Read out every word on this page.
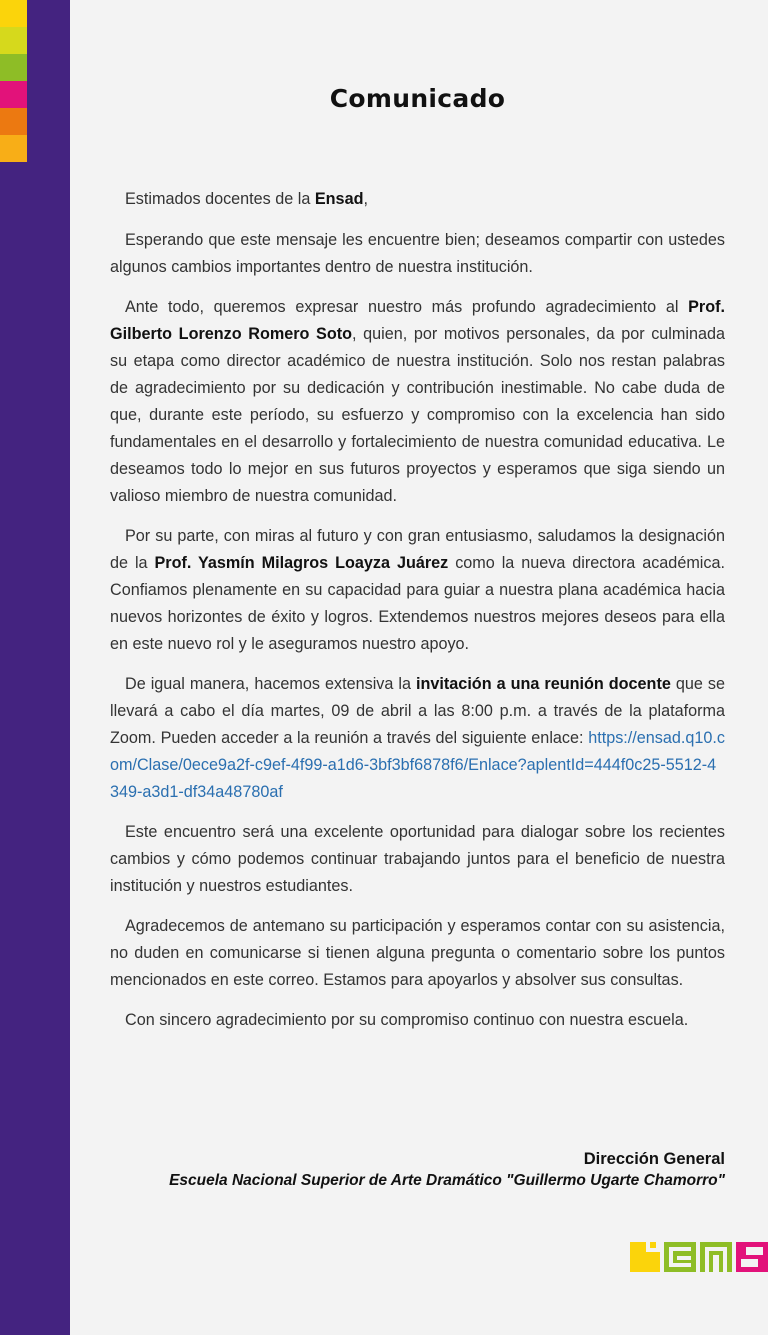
Comunicado

Estimados docentes de la Ensad,

Esperando que este mensaje les encuentre bien; deseamos compartir con ustedes algunos cambios importantes dentro de nuestra institución.

Ante todo, queremos expresar nuestro más profundo agradecimiento al Prof. Gilberto Lorenzo Romero Soto, quien, por motivos personales, da por culminada su etapa como director académico de nuestra institución. Solo nos restan palabras de agradecimiento por su dedicación y contribución inestimable. No cabe duda de que, durante este período, su esfuerzo y compromiso con la excelencia han sido fundamentales en el desarrollo y fortalecimiento de nuestra comunidad educativa. Le deseamos todo lo mejor en sus futuros proyectos y esperamos que siga siendo un valioso miembro de nuestra comunidad.

Por su parte, con miras al futuro y con gran entusiasmo, saludamos la designación de la Prof. Yasmín Milagros Loayza Juárez como la nueva directora académica. Confiamos plenamente en su capacidad para guiar a nuestra plana académica hacia nuevos horizontes de éxito y logros. Extendemos nuestros mejores deseos para ella en este nuevo rol y le aseguramos nuestro apoyo.

De igual manera, hacemos extensiva la invitación a una reunión docente que se llevará a cabo el día martes, 09 de abril a las 8:00 p.m. a través de la plataforma Zoom. Pueden acceder a la reunión a través del siguiente enlace: https://ensad.q10.com/Clase/0ece9a2f-c9ef-4f99-a1d6-3bf3bf6878f6/Enlace?aplentId=444f0c25-5512-4349-a3d1-df34a48780af

Este encuentro será una excelente oportunidad para dialogar sobre los recientes cambios y cómo podemos continuar trabajando juntos para el beneficio de nuestra institución y nuestros estudiantes.

Agradecemos de antemano su participación y esperamos contar con su asistencia, no duden en comunicarse si tienen alguna pregunta o comentario sobre los puntos mencionados en este correo. Estamos para apoyarlos y absolver sus consultas.

Con sincero agradecimiento por su compromiso continuo con nuestra escuela.

Dirección General
Escuela Nacional Superior de Arte Dramático "Guillermo Ugarte Chamorro"
